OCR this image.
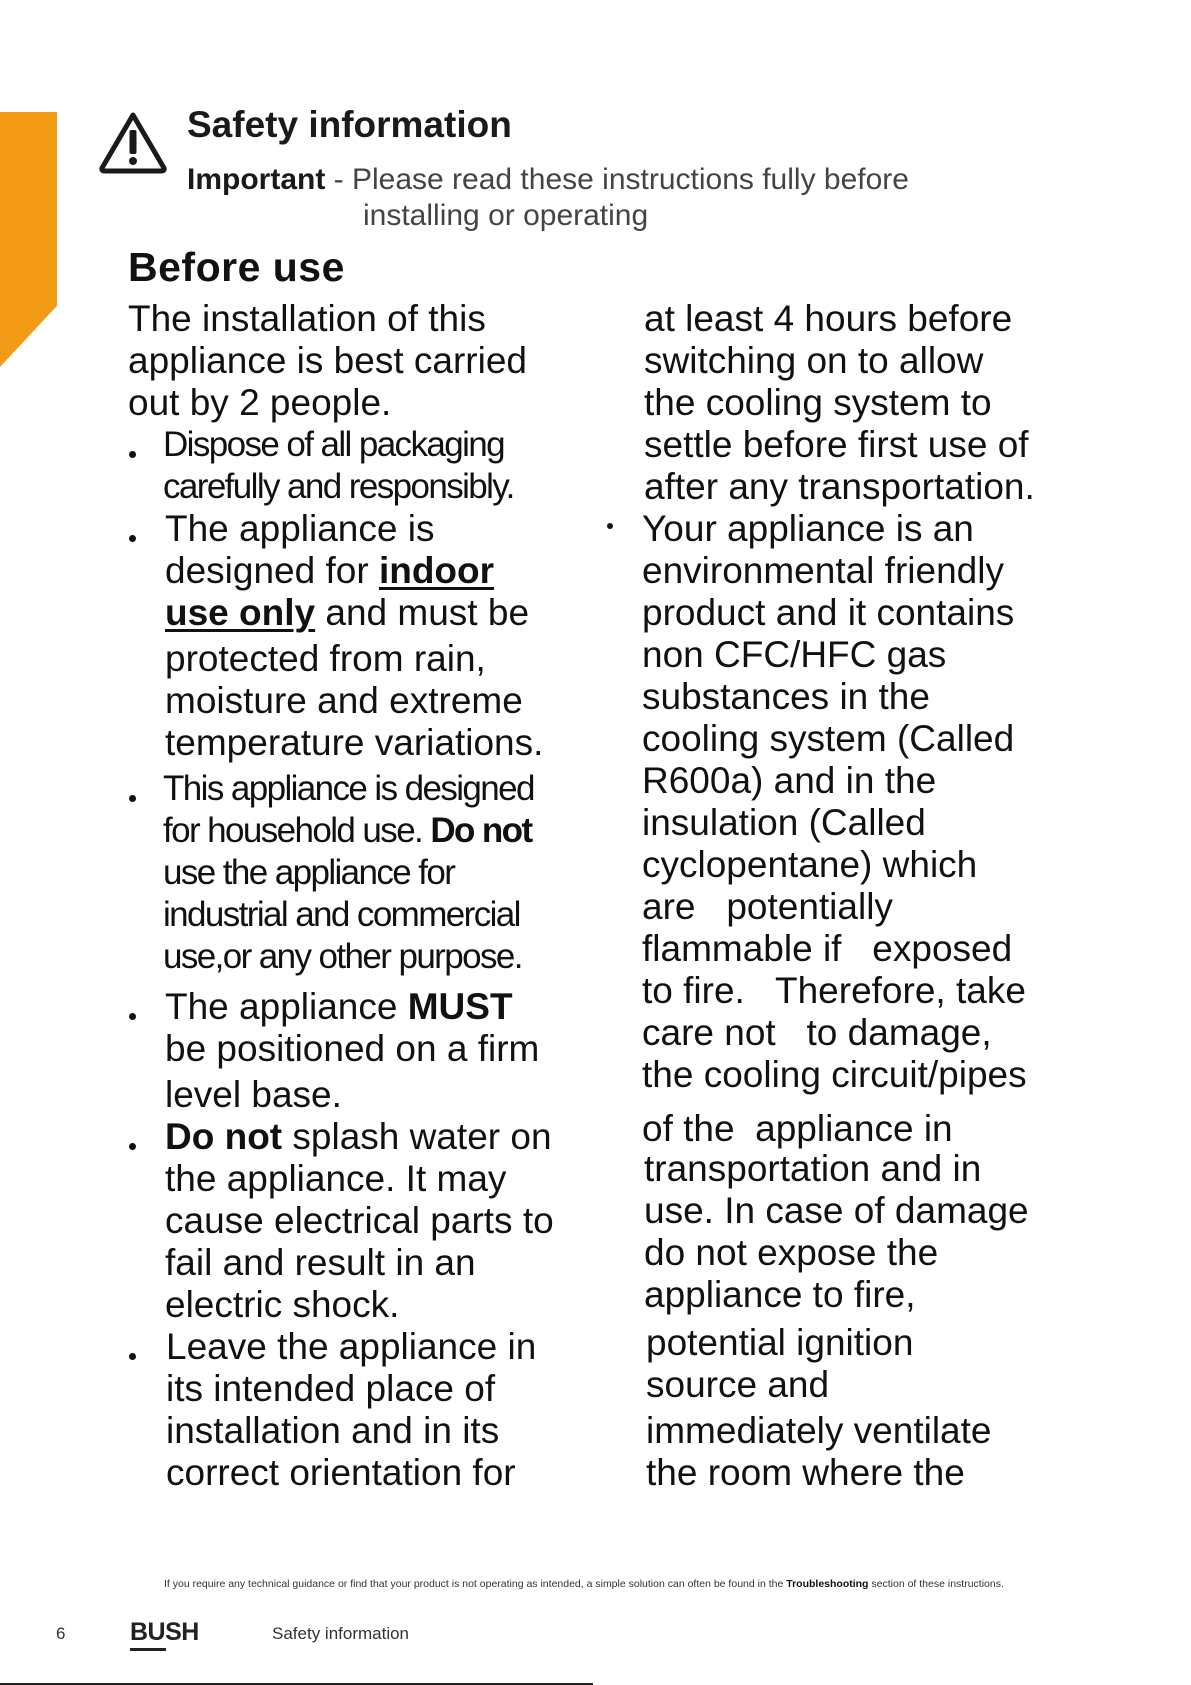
Safety information
Important - Please read these instructions fully before
installing or operating
Before use
The installation of this
appliance is best carried
out by 2 people.
Dispose of all packaging
carefully and responsibly.
The appliance is
designed for indoor
use only and must be
protected from rain,
moisture and extreme
temperature variations.
This appliance is designed
for household use. Do not
use the appliance for
industrial and commercial
use,or any other purpose.
The appliance MUST
be positioned on a firm
level base.
Do not splash water on
the appliance. It may
cause electrical parts to
fail and result in an
electric shock.
Leave the appliance in
its intended place of
installation and in its
correct orientation for
at least 4 hours before
switching on to allow
the cooling system to
settle before first use of
after any transportation.
Your appliance is an
environmental friendly
product and it contains
non CFC/HFC gas
substances in the
cooling system (Called
R600a) and in the
insulation (Called
cyclopentane) which
are   potentially
flammable if   exposed
to fire.   Therefore, take
care not   to damage,
the cooling circuit/pipes
of the  appliance in
transportation and in
use. In case of damage
do not expose the
appliance to fire,
potential ignition
source and
immediately ventilate
the room where the
If you require any technical guidance or find that your product is not operating as intended, a simple solution can often be found in the Troubleshooting section of these instructions.
6	BUSH	Safety information
